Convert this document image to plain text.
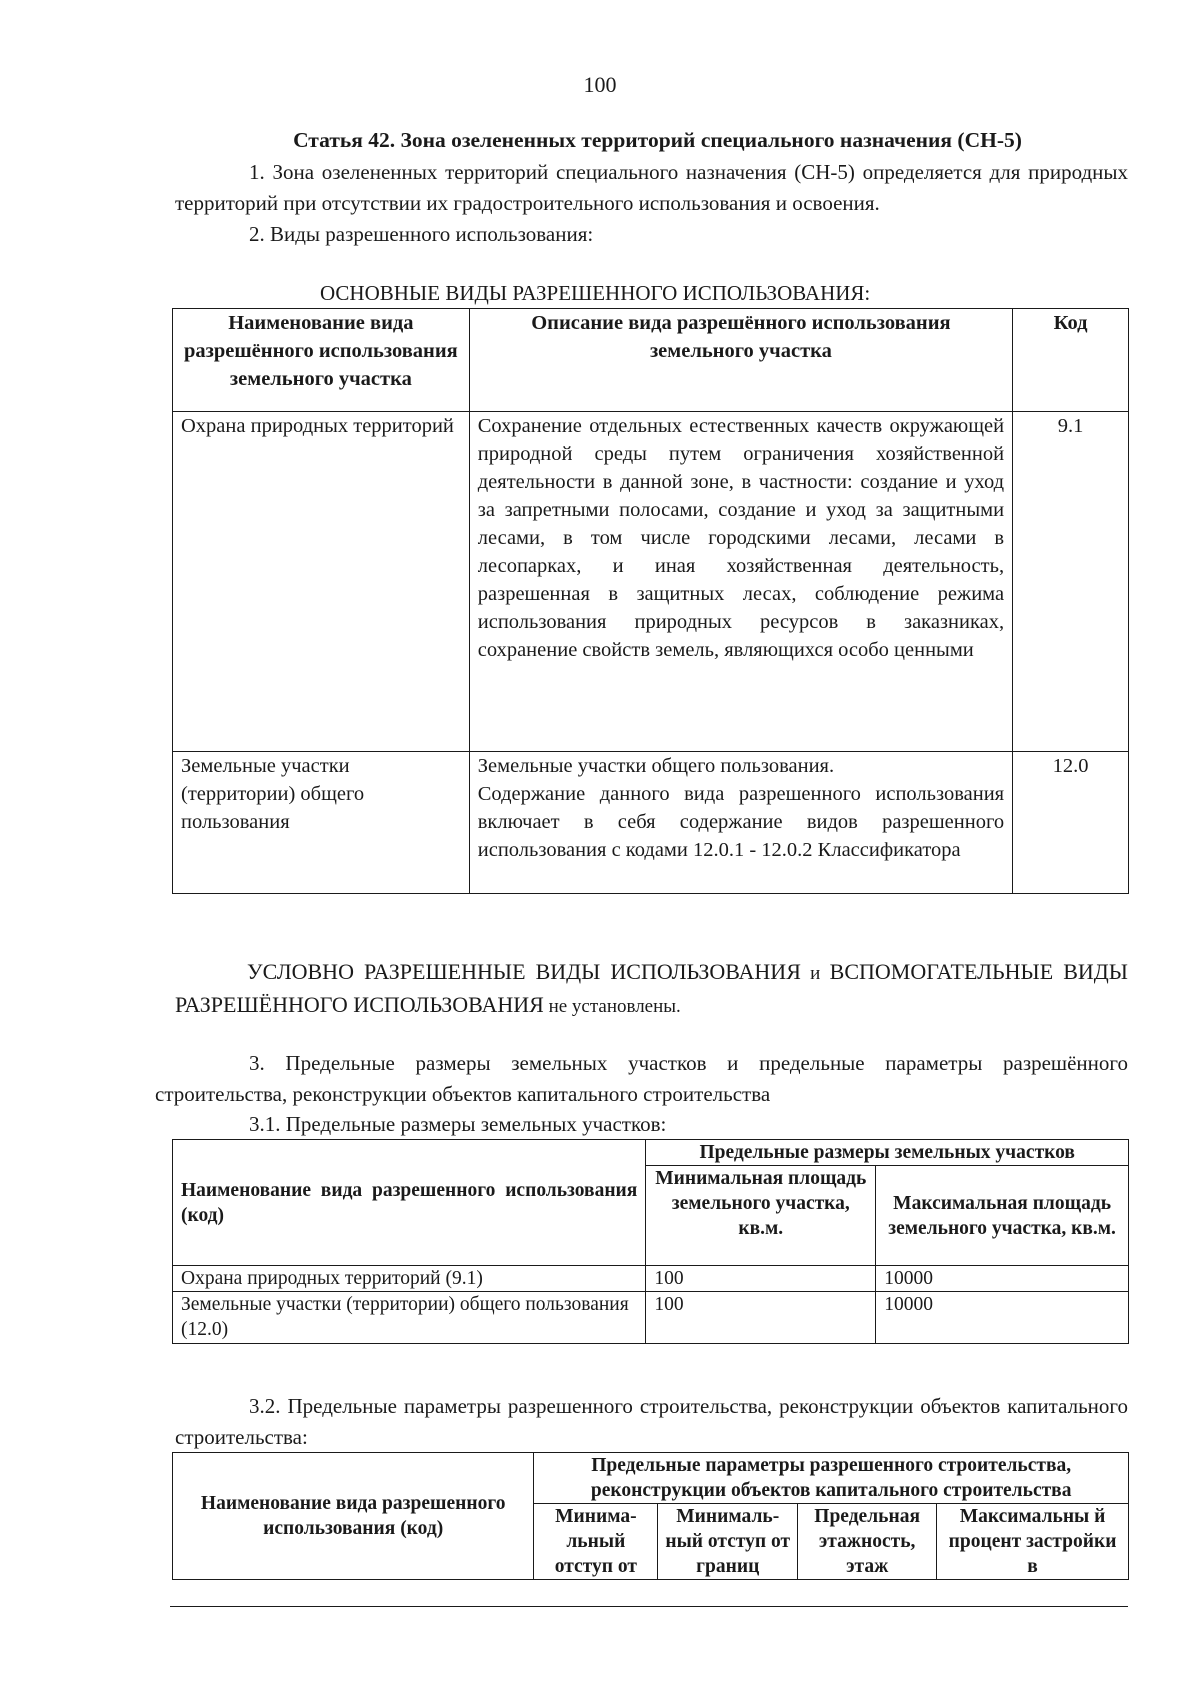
100
Статья 42. Зона озелененных территорий специального назначения (СН-5)
1. Зона озелененных территорий специального назначения (СН-5) определяется для природных территорий при отсутствии их градостроительного использования и освоения.
2. Виды разрешенного использования:
ОСНОВНЫЕ ВИДЫ РАЗРЕШЕННОГО ИСПОЛЬЗОВАНИЯ:
Наименование вида разрешённого использования земельного участка	Описание вида разрешённого использования земельного участка	Код
Охрана природных территорий	Сохранение отдельных естественных качеств окружающей природной среды путем ограничения хозяйственной деятельности в данной зоне, в частности: создание и уход за запретными полосами, создание и уход за защитными лесами, в том числе городскими лесами, лесами в лесопарках, и иная хозяйственная деятельность, разрешенная в защитных лесах, соблюдение режима использования природных ресурсов в заказниках, сохранение свойств земель, являющихся особо ценными	9.1
Земельные участки (территории) общего пользования	Земельные участки общего пользования.
Содержание данного вида разрешенного использования включает в себя содержание видов разрешенного использования с кодами 12.0.1 - 12.0.2 Классификатора	12.0
УСЛОВНО РАЗРЕШЕННЫЕ ВИДЫ ИСПОЛЬЗОВАНИЯ и ВСПОМОГАТЕЛЬНЫЕ ВИДЫ РАЗРЕШЁННОГО ИСПОЛЬЗОВАНИЯ не установлены.
3. Предельные размеры земельных участков и предельные параметры разрешённого строительства, реконструкции объектов капитального строительства
3.1. Предельные размеры земельных участков:
Наименование вида разрешенного использования (код)	Предельные размеры земельных участков	
	Минимальная площадь земельного участка, кв.м.	Максимальная площадь земельного участка, кв.м.
Охрана природных территорий (9.1)	100	10000
Земельные участки (территории) общего пользования (12.0)	100	10000
3.2. Предельные параметры разрешенного строительства, реконструкции объектов капитального строительства:
Наименование вида разрешенного использования (код)	Предельные параметры разрешенного строительства, реконструкции объектов капитального строительства			
	Минима-льный отступ от	Минималь-ный отступ от границ	Предельная этажность, этаж	Максимальны й процент застройки в
